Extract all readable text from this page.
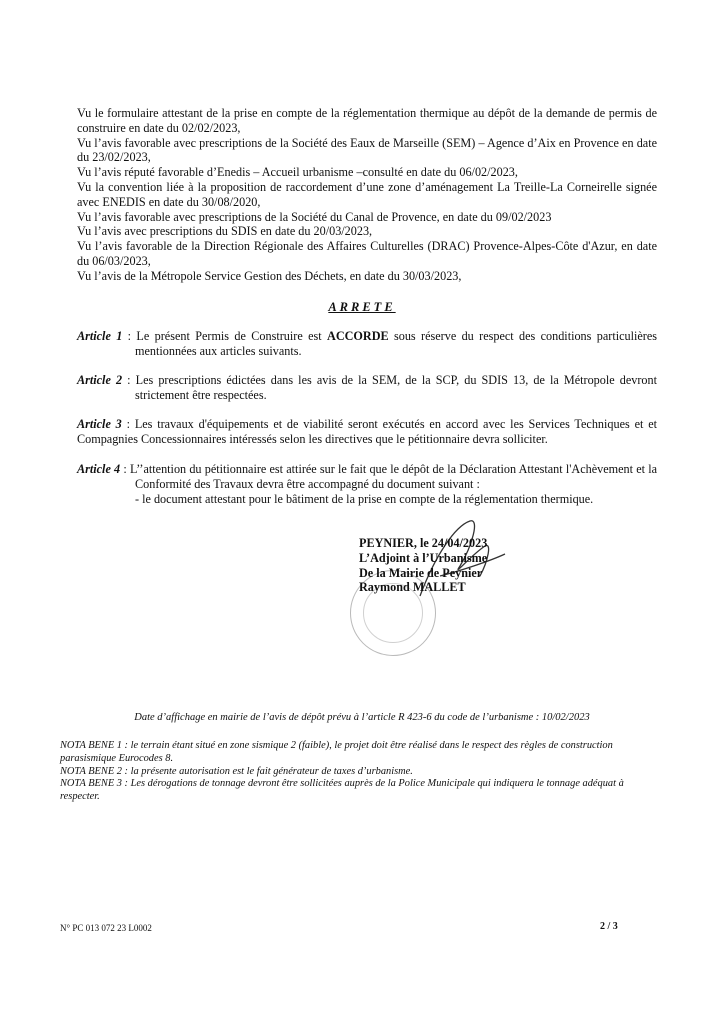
Vu le formulaire attestant de la prise en compte de la réglementation thermique au dépôt de la demande de permis de construire en date du 02/02/2023,

Vu l’avis favorable avec prescriptions de la Société des Eaux de Marseille (SEM) – Agence d’Aix en Provence en date du 23/02/2023,

Vu l’avis réputé favorable d’Enedis – Accueil urbanisme –consulté en date du 06/02/2023,

Vu la convention liée à la proposition de raccordement d’une zone d’aménagement La Treille-La Corneirelle signée avec ENEDIS en date du 30/08/2020,

Vu l’avis favorable avec prescriptions de la Société du Canal de Provence, en date du 09/02/2023

Vu l’avis avec prescriptions du SDIS en date du 20/03/2023,

Vu l’avis favorable de la Direction Régionale des Affaires Culturelles (DRAC) Provence-Alpes-Côte d'Azur, en date du 06/03/2023,

Vu l’avis de la Métropole Service Gestion des Déchets, en date du 30/03/2023,

ARRETE

Article 1 : Le présent Permis de Construire est ACCORDE sous réserve du respect des conditions particulières mentionnées aux articles suivants.

Article 2 : Les prescriptions édictées dans les avis de la SEM, de la SCP, du SDIS 13, de la Métropole devront strictement être respectées.

Article 3 : Les travaux d'équipements et de viabilité seront exécutés en accord avec les Services Techniques et et Compagnies Concessionnaires intéressés selon les directives que le pétitionnaire devra solliciter.

Article 4 : L’’attention du pétitionnaire est attirée sur le fait que le dépôt de la Déclaration Attestant l'Achèvement et la Conformité des Travaux devra être accompagné du document suivant :

- le document attestant pour le bâtiment de la prise en compte de la réglementation thermique.

PEYNIER, le 24/04/2023
L’Adjoint à l’Urbanisme
De la Mairie de Peynier
Raymond MALLET
Date d’affichage en mairie de l’avis de dépôt prévu à l’article R 423-6 du code de l’urbanisme : 10/02/2023

NOTA BENE 1 : le terrain étant situé en zone sismique 2 (faible), le projet doit être réalisé dans le respect des règles de construction parasismique Eurocodes 8.

NOTA BENE 2 : la présente autorisation est le fait générateur de taxes d’urbanisme.

NOTA BENE 3 : Les dérogations de tonnage devront être sollicitées auprès de la Police Municipale qui indiquera le tonnage adéquat à respecter.

N° PC 013 072 23 L0002	2 / 3
